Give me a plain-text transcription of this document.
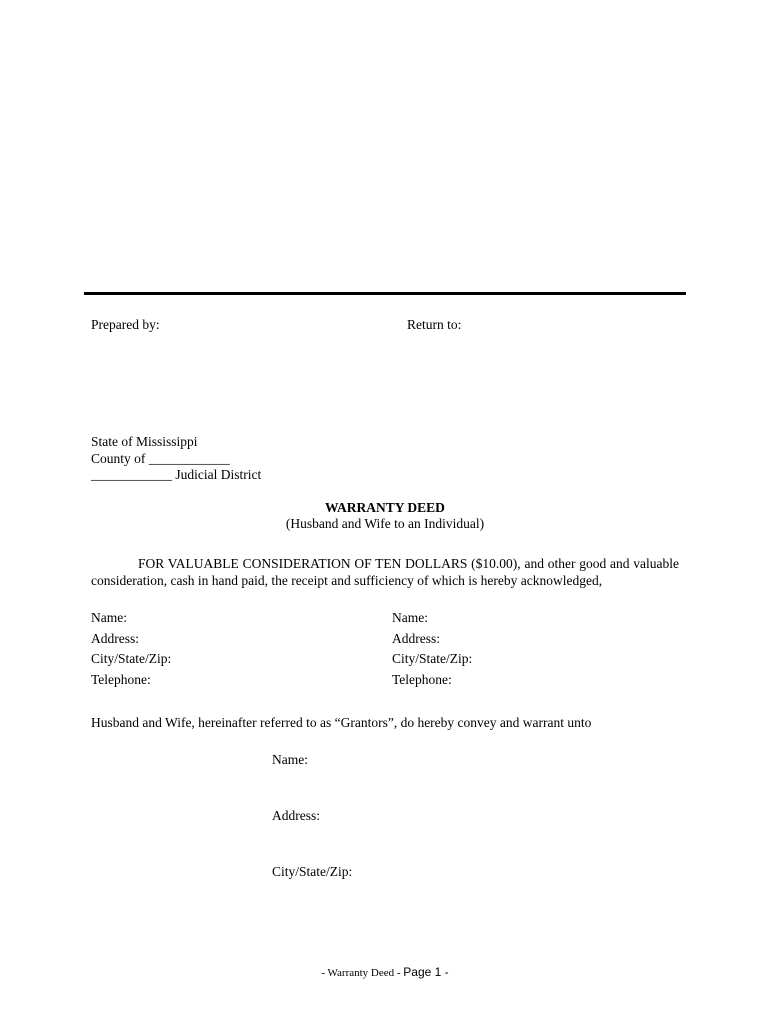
Prepared by:	Return to:
State of Mississippi
County of ____________
____________ Judicial District
WARRANTY DEED
(Husband and Wife to an Individual)
FOR VALUABLE CONSIDERATION OF TEN DOLLARS ($10.00), and other good and valuable consideration, cash in hand paid, the receipt and sufficiency of which is hereby acknowledged,
Name:
Address:
City/State/Zip:
Telephone:
Name:
Address:
City/State/Zip:
Telephone:
Husband and Wife, hereinafter referred to as “Grantors”, do hereby convey and warrant unto
Name:
Address:
City/State/Zip:
- Warranty Deed - Page 1 -
